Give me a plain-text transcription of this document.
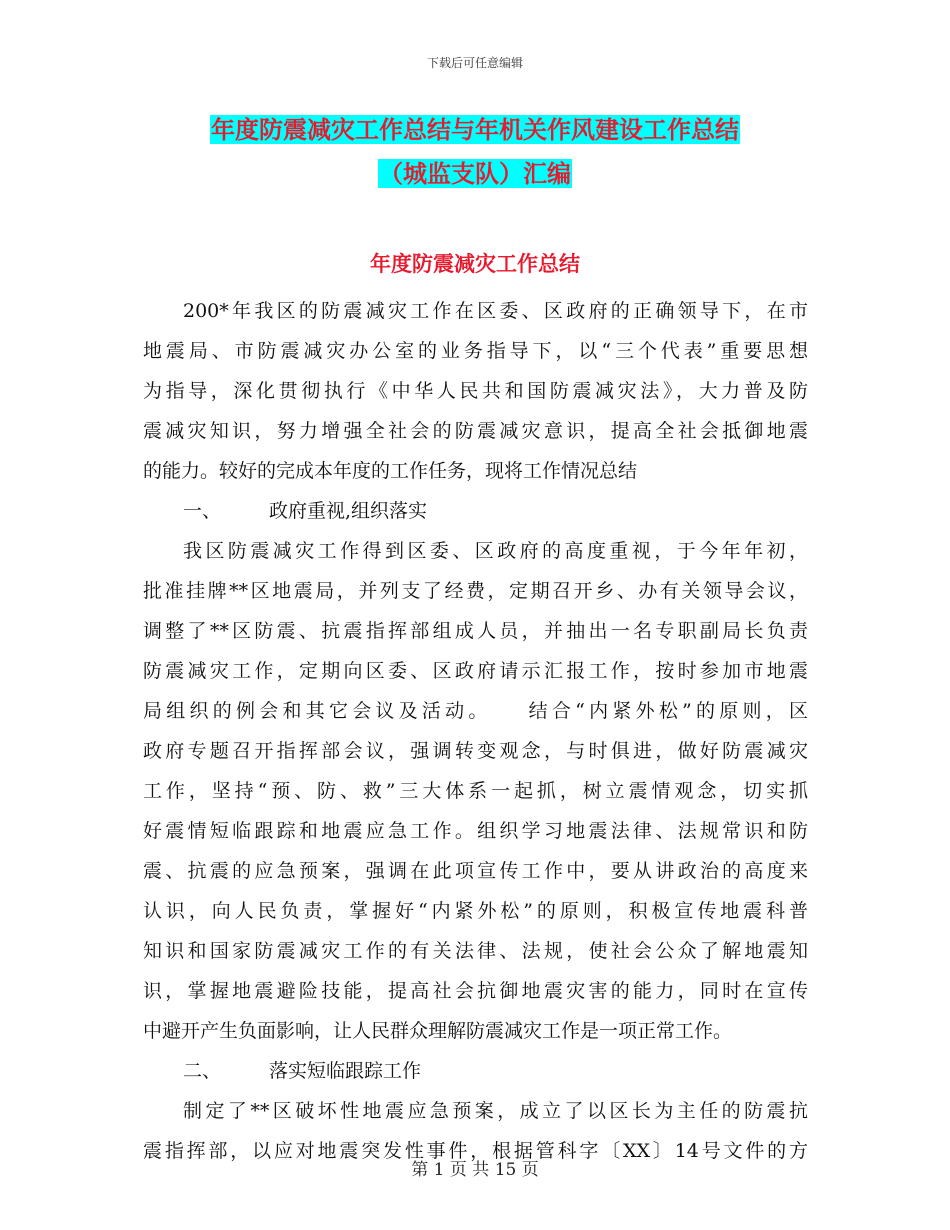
下载后可任意编辑
年度防震减灾工作总结与年机关作风建设工作总结
（城监支队）汇编
年度防震减灾工作总结
200*年我区的防震减灾工作在区委、区政府的正确领导下，在市
地震局、市防震减灾办公室的业务指导下，以“三个代表”重要思想
为指导，深化贯彻执行《中华人民共和国防震减灾法》，大力普及防
震减灾知识，努力增强全社会的防震减灾意识，提高全社会抵御地震
的能力。较好的完成本年度的工作任务，现将工作情况总结
一、	政府重视,组织落实
我区防震减灾工作得到区委、区政府的高度重视，于今年年初，
批准挂牌**区地震局，并列支了经费，定期召开乡、办有关领导会议，
调整了**区防震、抗震指挥部组成人员，并抽出一名专职副局长负责
防震减灾工作，定期向区委、区政府请示汇报工作，按时参加市地震
局组织的例会和其它会议及活动。　　结合“内紧外松”的原则，区
政府专题召开指挥部会议，强调转变观念，与时俱进，做好防震减灾
工作，坚持“预、防、救”三大体系一起抓，树立震情观念，切实抓
好震情短临跟踪和地震应急工作。组织学习地震法律、法规常识和防
震、抗震的应急预案，强调在此项宣传工作中，要从讲政治的高度来
认识，向人民负责，掌握好“内紧外松”的原则，积极宣传地震科普
知识和国家防震减灾工作的有关法律、法规，使社会公众了解地震知
识，掌握地震避险技能，提高社会抗御地震灾害的能力，同时在宣传
中避开产生负面影响，让人民群众理解防震减灾工作是一项正常工作。
二、	落实短临跟踪工作
制定了**区破坏性地震应急预案，成立了以区长为主任的防震抗
震指挥部，以应对地震突发性事件，根据管科字〔XX〕14号文件的方
第 1 页 共 15 页
